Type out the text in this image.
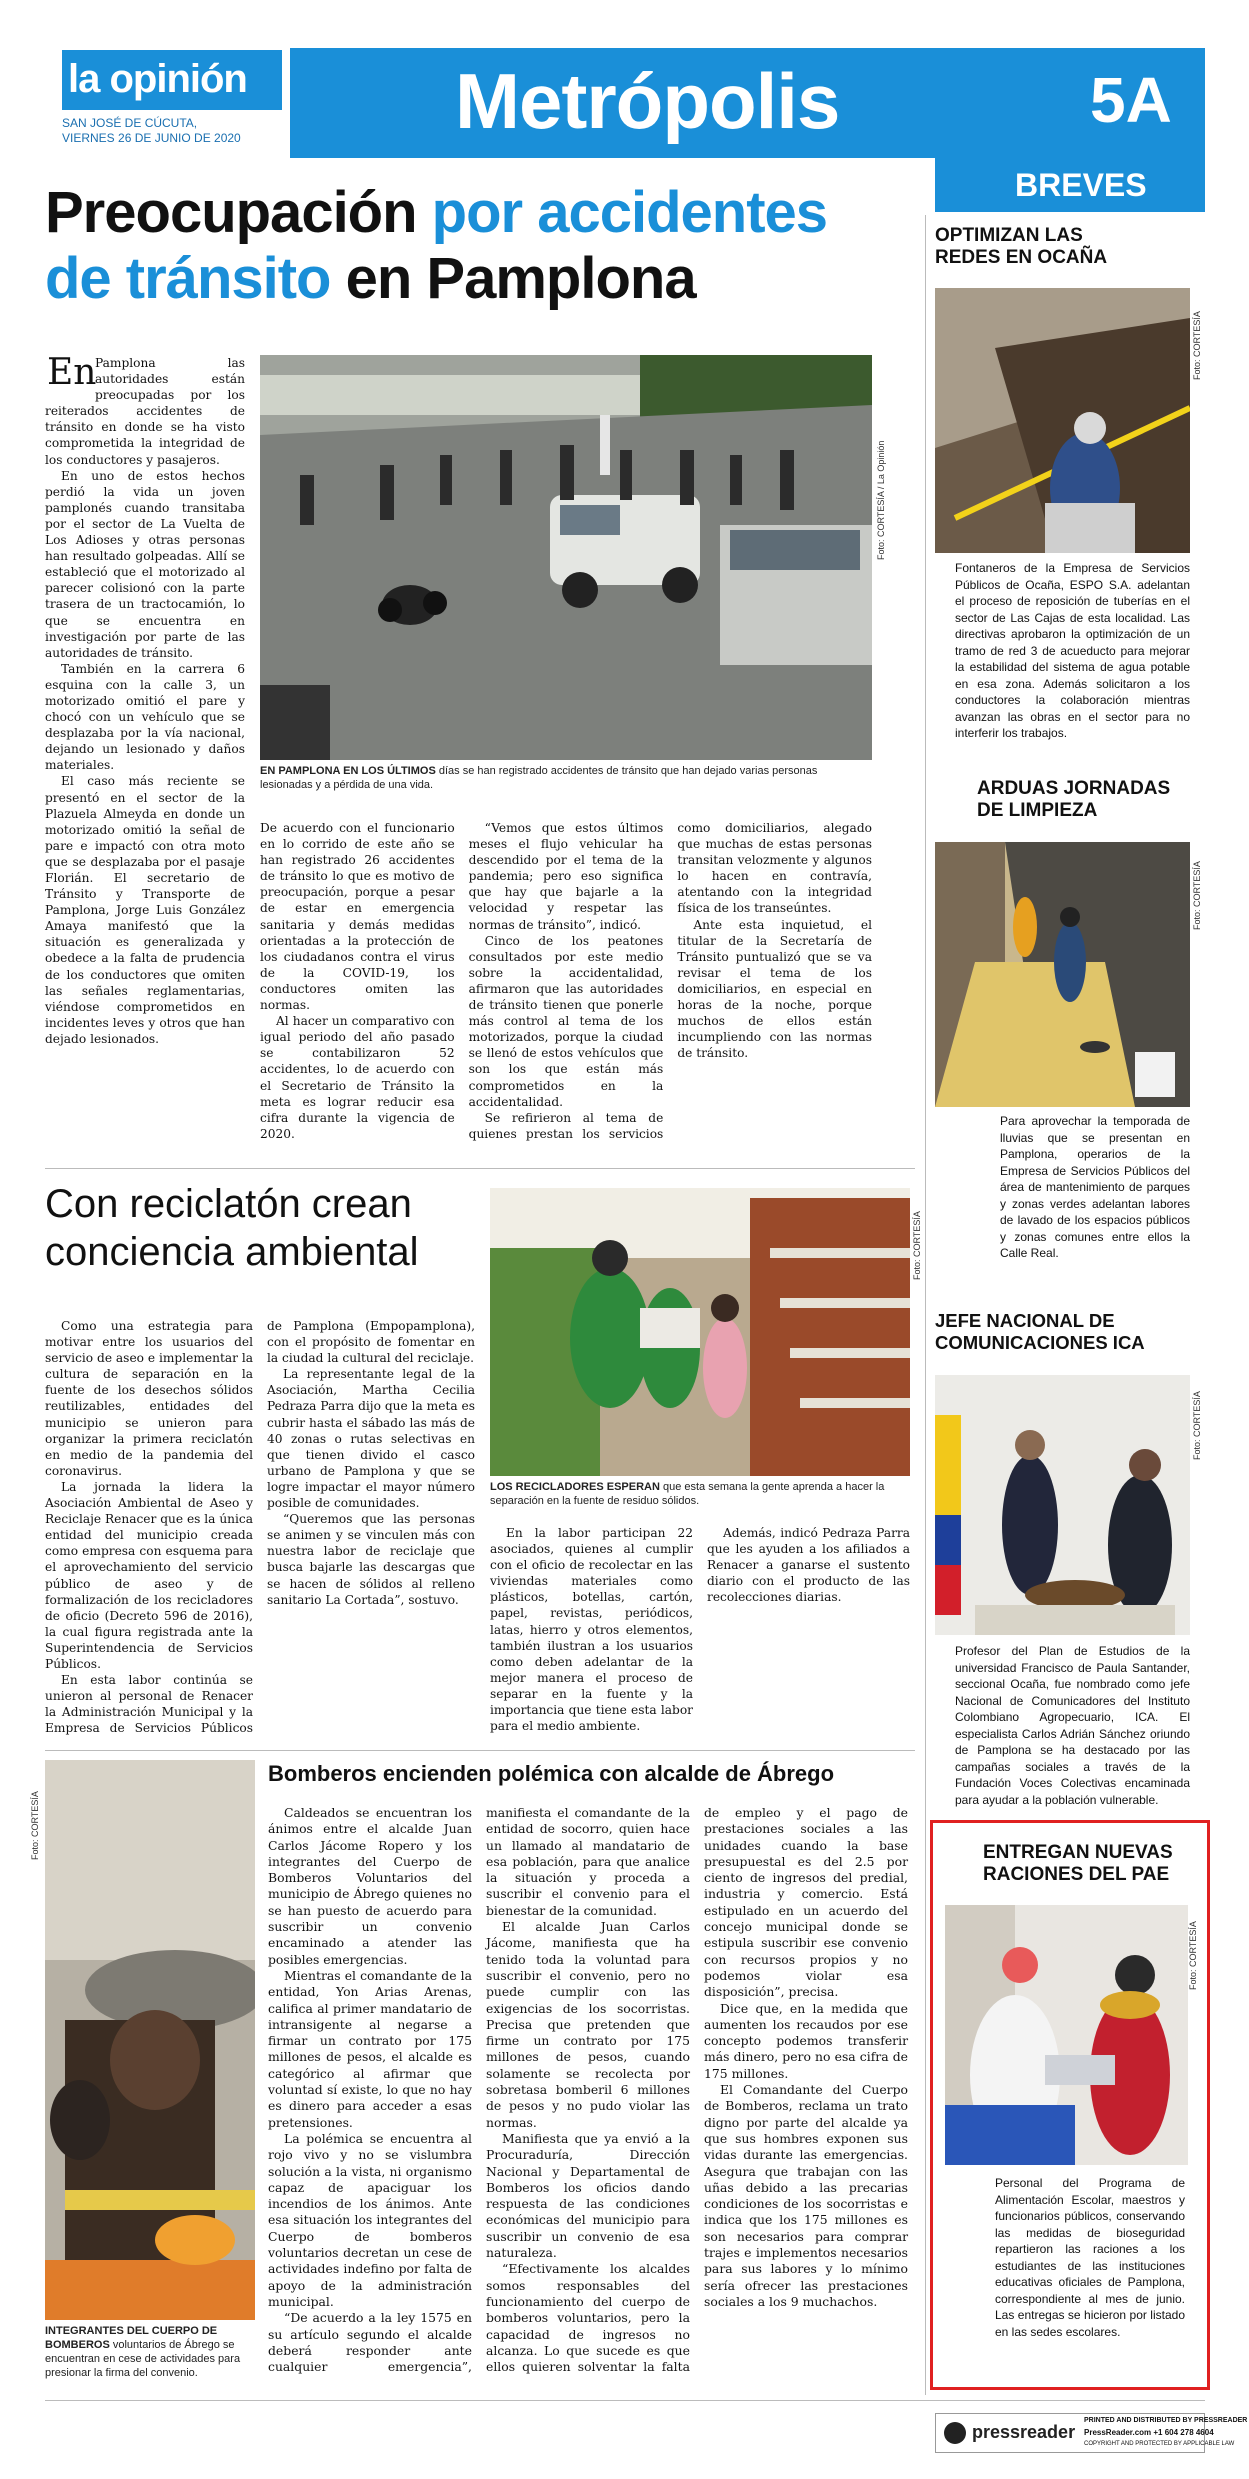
la opinión
SAN JOSÉ DE CÚCUTA,
VIERNES 26 DE JUNIO DE 2020	Metrópolis	5A
BREVES
Preocupación por accidentes
de tránsito en Pamplona
Foto: CORTESÍA / La Opinión
EN PAMPLONA EN LOS ÚLTIMOS días se han registrado accidentes de tránsito que han dejado varias personas lesionadas y a pérdida de una vida.
En

Pamplona las autoridades están preocupadas por los reiterados accidentes de tránsito en donde se ha visto comprometida la integridad de los conductores y pasajeros.

En uno de estos hechos perdió la vida un joven pamplonés cuando transitaba por el sector de La Vuelta de Los Adioses y otras personas han resultado golpeadas. Allí se estableció que el motorizado al parecer colisionó con la parte trasera de un tractocamión, lo que se encuentra en investigación por parte de las autoridades de tránsito.

También en la carrera 6 esquina con la calle 3, un motorizado omitió el pare y chocó con un vehículo que se desplazaba por la vía nacional, dejando un lesionado y daños materiales.

El caso más reciente se presentó en el sector de la Plazuela Almeyda en donde un motorizado omitió la señal de pare e impactó con otra moto que se desplazaba por el pasaje Florián. El secretario de Tránsito y Transporte de Pamplona, Jorge Luis González Amaya manifestó que la situación es generalizada y obedece a la falta de prudencia de los conductores que omiten las señales reglamentarias, viéndose comprometidos en incidentes leves y otros que han dejado lesionados.

De acuerdo con el funcionario en lo corrido de este año se han registrado 26 accidentes de tránsito lo que es motivo de preocupación, porque a pesar de estar en emergencia sanitaria y demás medidas orientadas a la protección de los ciudadanos contra el virus de la COVID-19, los conductores omiten las normas.

Al hacer un comparativo con igual periodo del año pasado se contabilizaron 52 accidentes, lo de acuerdo con el Secretario de Tránsito la meta es lograr reducir esa cifra durante la vigencia de 2020.

“Vemos que estos últimos meses el flujo vehicular ha descendido por el tema de la pandemia; pero eso significa que hay que bajarle a la velocidad y respetar las normas de tránsito”, indicó.

Cinco de los peatones consultados por este medio sobre la accidentalidad, afirmaron que las autoridades de tránsito tienen que ponerle más control al tema de los motorizados, porque la ciudad se llenó de estos vehículos que son los que están más comprometidos en la accidentalidad.

Se refirieron al tema de quienes prestan los servicios como domiciliarios, alegado que muchas de estas personas transitan velozmente y algunos lo hacen en contravía, atentando con la integridad física de los transeúntes.

Ante esta inquietud, el titular de la Secretaría de Tránsito puntualizó que se va revisar el tema de los domiciliarios, en especial en horas de la noche, porque muchos de ellos están incumpliendo con las normas de tránsito.

Con reciclatón crean
conciencia ambiental	Foto: CORTESÍA
LOS RECICLADORES ESPERAN que esta semana la gente aprenda a hacer la separación en la fuente de residuo sólidos.

Como una estrategia para motivar entre los usuarios del servicio de aseo e implementar la cultura de separación en la fuente de los desechos sólidos reutilizables, entidades del municipio se unieron para organizar la primera reciclatón en medio de la pandemia del coronavirus.

La jornada la lidera la Asociación Ambiental de Aseo y Reciclaje Renacer que es la única entidad del municipio creada como empresa con esquema para el aprovechamiento del servicio público de aseo y de formalización de los recicladores de oficio (Decreto 596 de 2016), la cual figura registrada ante la Superintendencia de Servicios Públicos.

En esta labor continúa se unieron al personal de Renacer la Administración Municipal y la Empresa de Servicios Públicos de Pamplona (Empopamplona), con el propósito de fomentar en la ciudad la cultural del reciclaje.

La representante legal de la Asociación, Martha Cecilia Pedraza Parra dijo que la meta es cubrir hasta el sábado las más de 40 zonas o rutas selectivas en que tienen divido el casco urbano de Pamplona y que se logre impactar el mayor número posible de comunidades.

“Queremos que las personas se animen y se vinculen más con nuestra labor de reciclaje que busca bajarle las descargas que se hacen de sólidos al relleno sanitario La Cortada”, sostuvo.

En la labor participan 22 asociados, quienes al cumplir con el oficio de recolectar en las viviendas materiales como plásticos, botellas, cartón, papel, revistas, periódicos, latas, hierro y otros elementos, también ilustran a los usuarios como deben adelantar de la mejor manera el proceso de separar en la fuente y la importancia que tiene esta labor para el medio ambiente.

Además, indicó Pedraza Parra que les ayuden a los afiliados a Renacer a ganarse el sustento diario con el producto de las recolecciones diarias.

Foto: CORTESÍA
INTEGRANTES DEL CUERPO DE BOMBEROS voluntarios de Ábrego se encuentran en cese de actividades para presionar la firma del convenio.
Bomberos encienden polémica con alcalde de Ábrego

Caldeados se encuentran los ánimos entre el alcalde Juan Carlos Jácome Ropero y los integrantes del Cuerpo de Bomberos Voluntarios del municipio de Ábrego quienes no se han puesto de acuerdo para suscribir un convenio encaminado a atender las posibles emergencias.

Mientras el comandante de la entidad, Yon Arias Arenas, califica al primer mandatario de intransigente al negarse a firmar un contrato por 175 millones de pesos, el alcalde es categórico al afirmar que voluntad sí existe, lo que no hay es dinero para acceder a esas pretensiones.

La polémica se encuentra al rojo vivo y no se vislumbra solución a la vista, ni organismo capaz de apaciguar los incendios de los ánimos. Ante esa situación los integrantes del Cuerpo de bomberos voluntarios decretan un cese de actividades indefino por falta de apoyo de la administración municipal.

“De acuerdo a la ley 1575 en su artículo segundo el alcalde deberá responder ante cualquier emergencia”, manifiesta el comandante de la entidad de socorro, quien hace un llamado al mandatario de esa población, para que analice la situación y proceda a suscribir el convenio para el bienestar de la comunidad.

El alcalde Juan Carlos Jácome, manifiesta que ha tenido toda la voluntad para suscribir el convenio, pero no puede cumplir con las exigencias de los socorristas. Precisa que pretenden que firme un contrato por 175 millones de pesos, cuando solamente se recolecta por sobretasa bomberil 6 millones de pesos y no pudo violar las normas.

Manifiesta que ya envió a la Procuraduría, Dirección Nacional y Departamental de Bomberos los oficios dando respuesta de las condiciones económicas del municipio para suscribir un convenio de esa naturaleza.

“Efectivamente los alcaldes somos responsables del funcionamiento del cuerpo de bomberos voluntarios, pero la capacidad de ingresos no alcanza. Lo que sucede es que ellos quieren solventar la falta de empleo y el pago de prestaciones sociales a las unidades cuando la base presupuestal es del 2.5 por ciento de ingresos del predial, industria y comercio. Está estipulado en un acuerdo del concejo municipal donde se estipula suscribir ese convenio con recursos propios y no podemos violar esa disposición”, precisa.

Dice que, en la medida que aumenten los recaudos por ese concepto podemos transferir más dinero, pero no esa cifra de 175 millones.

El Comandante del Cuerpo de Bomberos, reclama un trato digno por parte del alcalde ya que sus hombres exponen sus vidas durante las emergencias. Asegura que trabajan con las uñas debido a las precarias condiciones de los socorristas e indica que los 175 millones es son necesarios para comprar trajes e implementos necesarios para sus labores y lo mínimo sería ofrecer las prestaciones sociales a los 9 muchachos.

OPTIMIZAN LAS
REDES EN OCAÑA
Foto: CORTESÍA
Fontaneros de la Empresa de Servicios Públicos de Ocaña, ESPO S.A. adelantan el proceso de reposición de tuberías en el sector de Las Cajas de esta localidad. Las directivas aprobaron la optimización de un tramo de red 3 de acueducto para mejorar la estabilidad del sistema de agua potable en esa zona. Además solicitaron a los conductores la colaboración mientras avanzan las obras en el sector para no interferir los trabajos.
ARDUAS JORNADAS
DE LIMPIEZA
Foto: CORTESÍA
Para aprovechar la temporada de lluvias que se presentan en Pamplona, operarios de la Empresa de Servicios Públicos del área de mantenimiento de parques y zonas verdes adelantan labores de lavado de los espacios públicos y zonas comunes entre ellos la Calle Real.
JEFE NACIONAL DE
COMUNICACIONES ICA
Foto: CORTESÍA
Profesor del Plan de Estudios de la universidad Francisco de Paula Santander, seccional Ocaña, fue nombrado como jefe Nacional de Comunicadores del Instituto Colombiano Agropecuario, ICA. El especialista Carlos Adrián Sánchez oriundo de Pamplona se ha destacado por las campañas sociales a través de la Fundación Voces Colectivas encaminada para ayudar a la población vulnerable.
ENTREGAN NUEVAS
RACIONES DEL PAE
Foto: CORTESÍA
Personal del Programa de Alimentación Escolar, maestros y funcionarios públicos, conservando las medidas de bioseguridad repartieron las raciones a los estudiantes de las instituciones educativas oficiales de Pamplona, correspondiente al mes de junio. Las entregas se hicieron por listado en las sedes escolares.
pressreader
PRINTED AND DISTRIBUTED BY PRESSREADER
PressReader.com +1 604 278 4604
COPYRIGHT AND PROTECTED BY APPLICABLE LAW
